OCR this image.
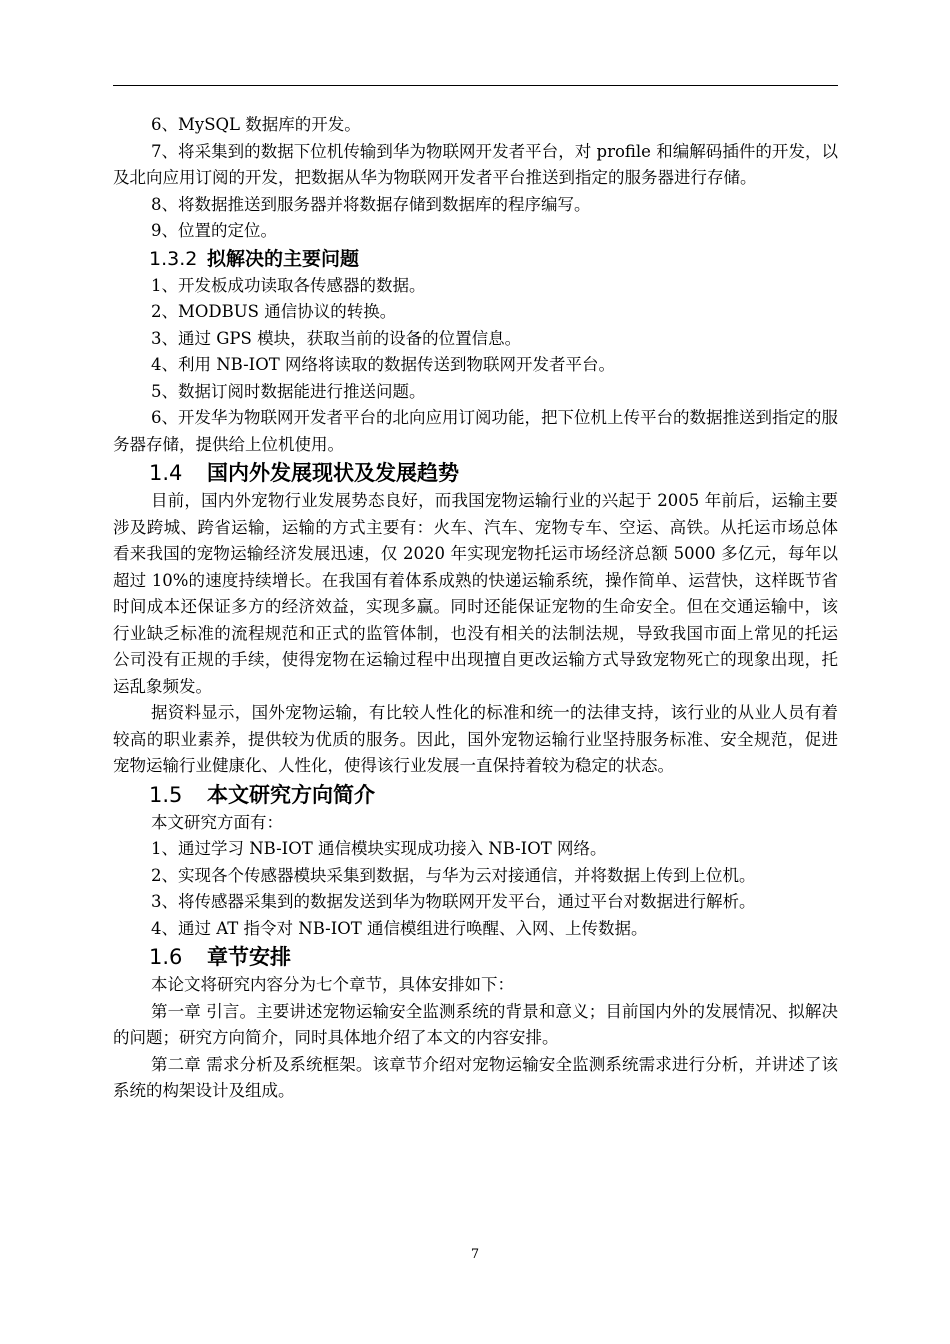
6、MySQL 数据库的开发。

7、将采集到的数据下位机传输到华为物联网开发者平台，对 profile 和编解码插件的开发，以及北向应用订阅的开发，把数据从华为物联网开发者平台推送到指定的服务器进行存储。

8、将数据推送到服务器并将数据存储到数据库的程序编写。

9、位置的定位。

1.3.2 拟解决的主要问题

1、开发板成功读取各传感器的数据。

2、MODBUS 通信协议的转换。

3、通过 GPS 模块，获取当前的设备的位置信息。

4、利用 NB-IOT 网络将读取的数据传送到物联网开发者平台。

5、数据订阅时数据能进行推送问题。

6、开发华为物联网开发者平台的北向应用订阅功能，把下位机上传平台的数据推送到指定的服务器存储，提供给上位机使用。

1.4 国内外发展现状及发展趋势

目前，国内外宠物行业发展势态良好，而我国宠物运输行业的兴起于 2005 年前后，运输主要涉及跨城、跨省运输，运输的方式主要有：火车、汽车、宠物专车、空运、高铁。从托运市场总体看来我国的宠物运输经济发展迅速，仅 2020 年实现宠物托运市场经济总额 5000 多亿元，每年以超过 10%的速度持续增长。在我国有着体系成熟的快递运输系统，操作简单、运营快，这样既节省时间成本还保证多方的经济效益，实现多赢。同时还能保证宠物的生命安全。但在交通运输中，该行业缺乏标准的流程规范和正式的监管体制，也没有相关的法制法规，导致我国市面上常见的托运公司没有正规的手续，使得宠物在运输过程中出现擅自更改运输方式导致宠物死亡的现象出现，托运乱象频发。

据资料显示，国外宠物运输，有比较人性化的标准和统一的法律支持，该行业的从业人员有着较高的职业素养，提供较为优质的服务。因此，国外宠物运输行业坚持服务标准、安全规范，促进宠物运输行业健康化、人性化，使得该行业发展一直保持着较为稳定的状态。

1.5 本文研究方向简介

本文研究方面有：

1、通过学习 NB-IOT 通信模块实现成功接入 NB-IOT 网络。

2、实现各个传感器模块采集到数据，与华为云对接通信，并将数据上传到上位机。

3、将传感器采集到的数据发送到华为物联网开发平台，通过平台对数据进行解析。

4、通过 AT 指令对 NB-IOT 通信模组进行唤醒、入网、上传数据。

1.6 章节安排

本论文将研究内容分为七个章节，具体安排如下：

第一章 引言。主要讲述宠物运输安全监测系统的背景和意义；目前国内外的发展情况、拟解决的问题；研究方向简介，同时具体地介绍了本文的内容安排。

第二章 需求分析及系统框架。该章节介绍对宠物运输安全监测系统需求进行分析，并讲述了该系统的构架设计及组成。

7
